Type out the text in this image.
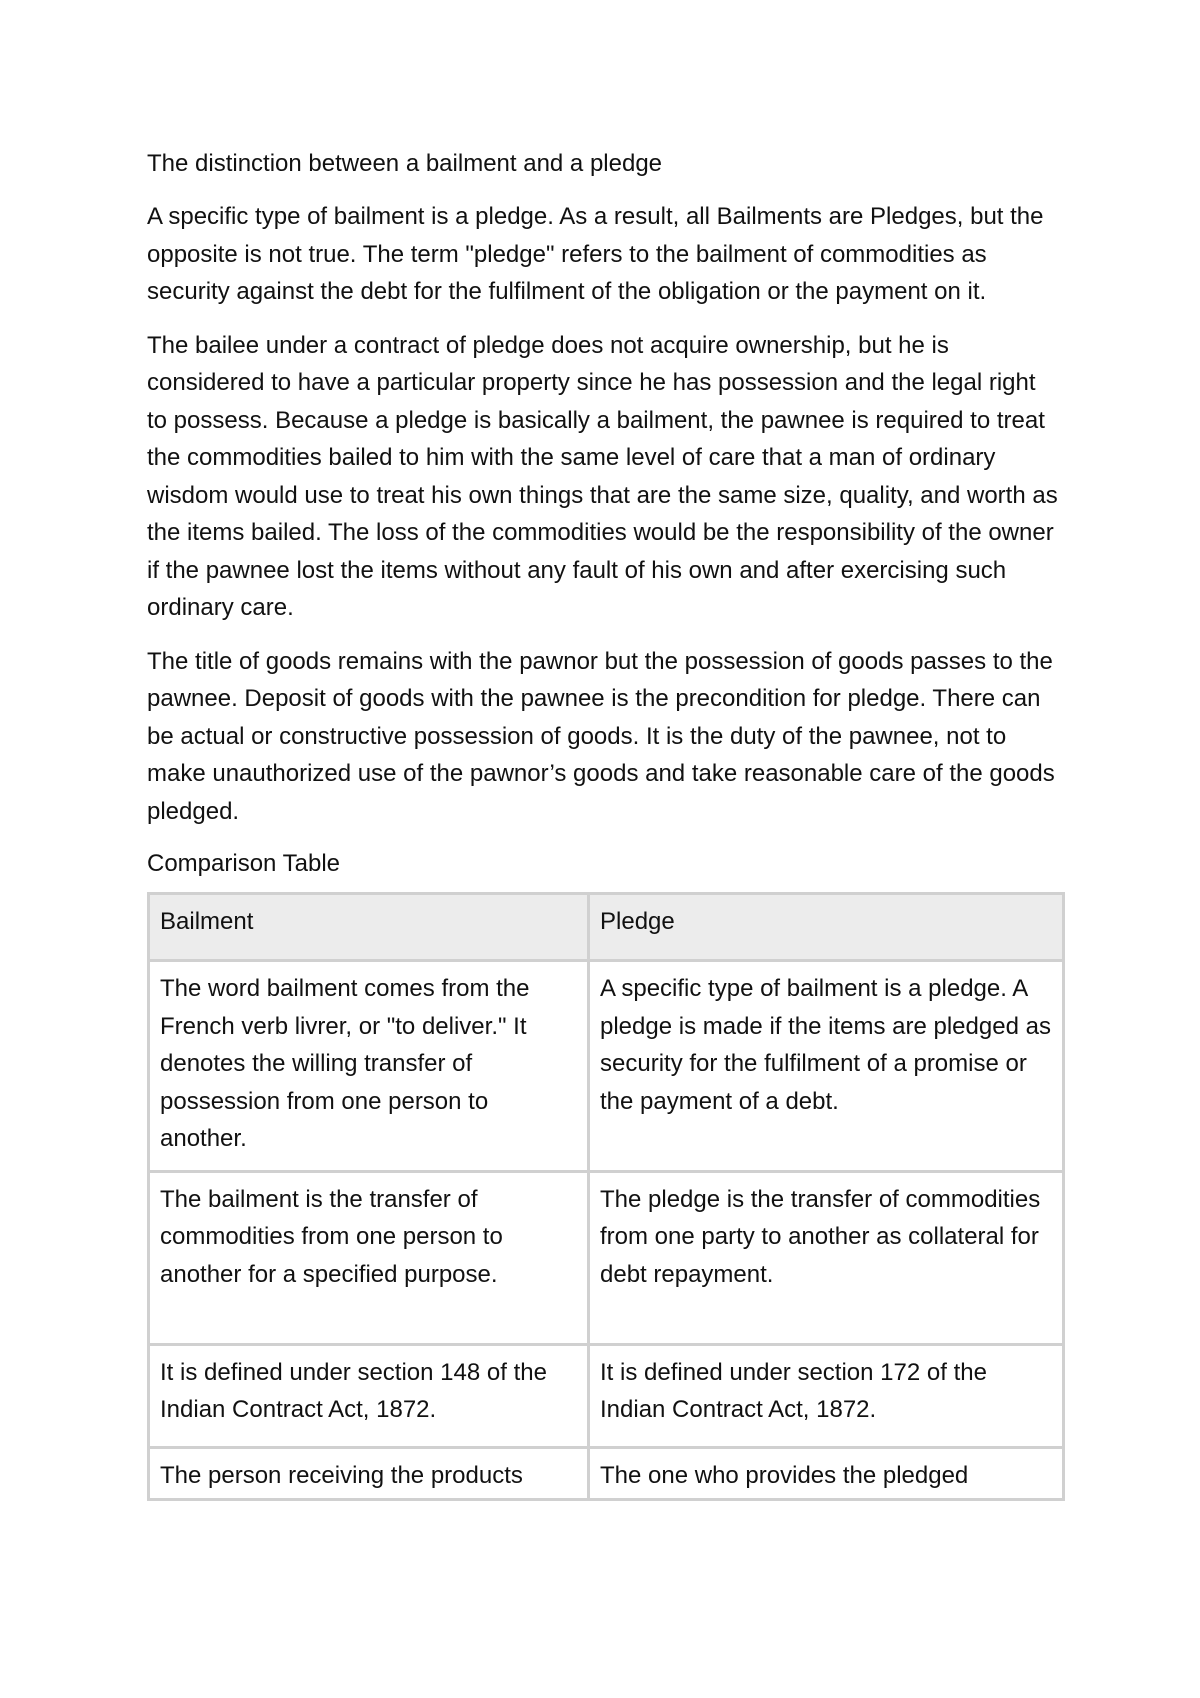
The distinction between a bailment and a pledge

A specific type of bailment is a pledge. As a result, all Bailments are Pledges, but the opposite is not true. The term "pledge" refers to the bailment of commodities as security against the debt for the fulfilment of the obligation or the payment on it.

The bailee under a contract of pledge does not acquire ownership, but he is considered to have a particular property since he has possession and the legal right to possess. Because a pledge is basically a bailment, the pawnee is required to treat the commodities bailed to him with the same level of care that a man of ordinary wisdom would use to treat his own things that are the same size, quality, and worth as the items bailed. The loss of the commodities would be the responsibility of the owner if the pawnee lost the items without any fault of his own and after exercising such ordinary care.

The title of goods remains with the pawnor but the possession of goods passes to the pawnee. Deposit of goods with the pawnee is the precondition for pledge. There can be actual or constructive possession of goods. It is the duty of the pawnee, not to make unauthorized use of the pawnor’s goods and take reasonable care of the goods pledged.

Comparison Table

Bailment	Pledge
The word bailment comes from the French verb livrer, or "to deliver." It denotes the willing transfer of possession from one person to another.	A specific type of bailment is a pledge. A pledge is made if the items are pledged as security for the fulfilment of a promise or the payment of a debt.
The bailment is the transfer of commodities from one person to another for a specified purpose.	The pledge is the transfer of commodities from one party to another as collateral for debt repayment.
It is defined under section 148 of the Indian Contract Act, 1872.	It is defined under section 172 of the Indian Contract Act, 1872.
The person receiving the products	The one who provides the pledged
